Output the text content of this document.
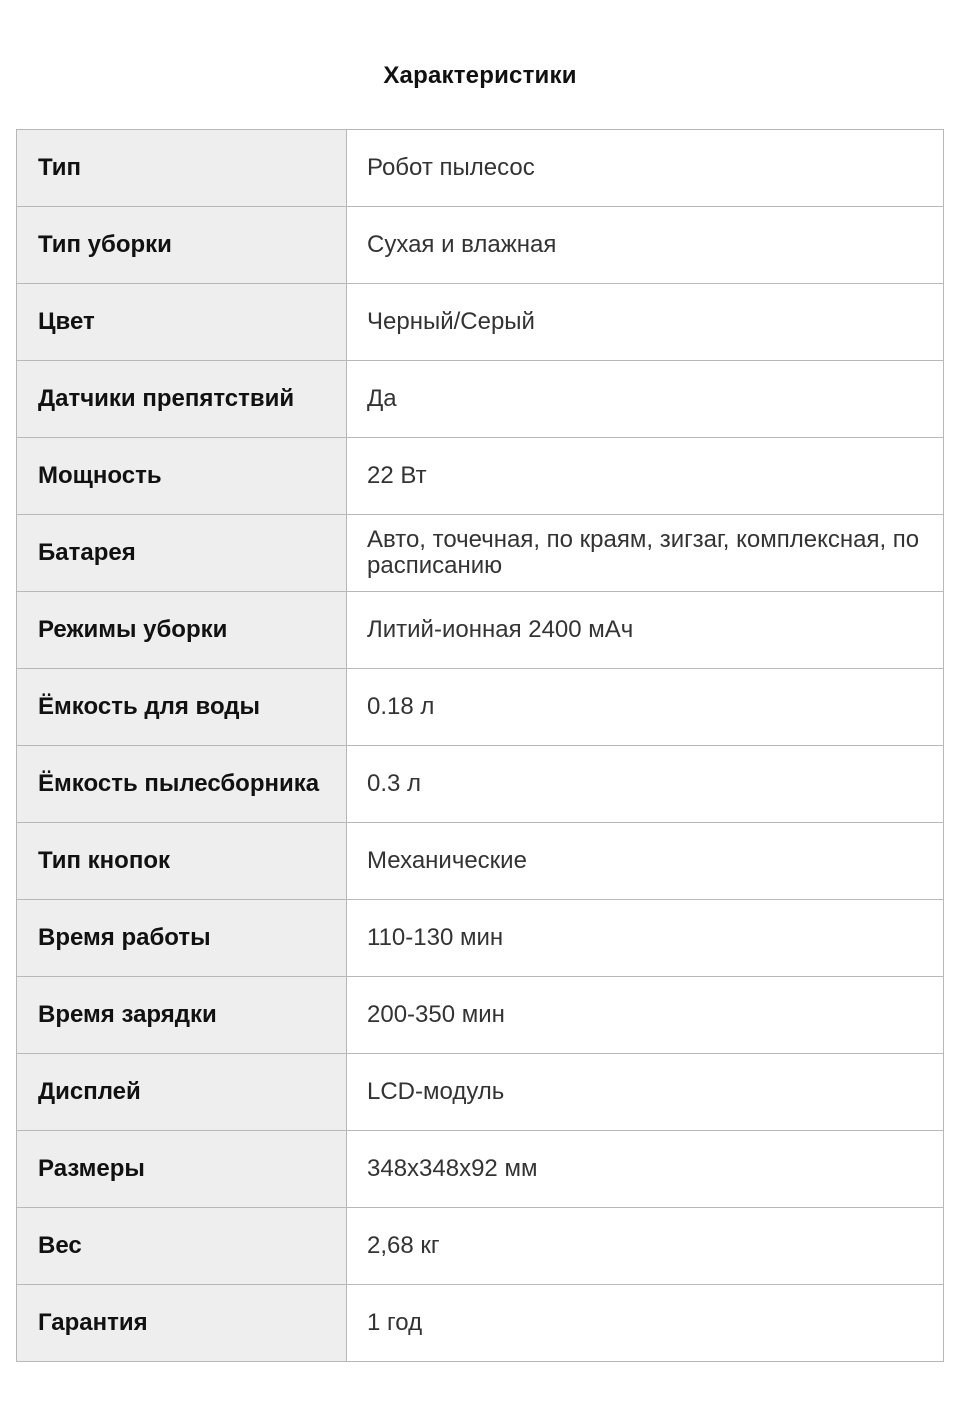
Характеристики
Тип	Робот пылесос
Тип уборки	Сухая и влажная
Цвет	Черный/Серый
Датчики препятствий	Да
Мощность	22 Вт
Батарея	Авто, точечная, по краям, зигзаг, комплексная, по расписанию
Режимы уборки	Литий-ионная 2400 мАч
Ёмкость для воды	0.18 л
Ёмкость пылесборника	0.3 л
Тип кнопок	Механические
Время работы	110-130 мин
Время зарядки	200-350 мин
Дисплей	LCD-модуль
Размеры	348x348x92 мм
Вес	2,68 кг
Гарантия	1 год
